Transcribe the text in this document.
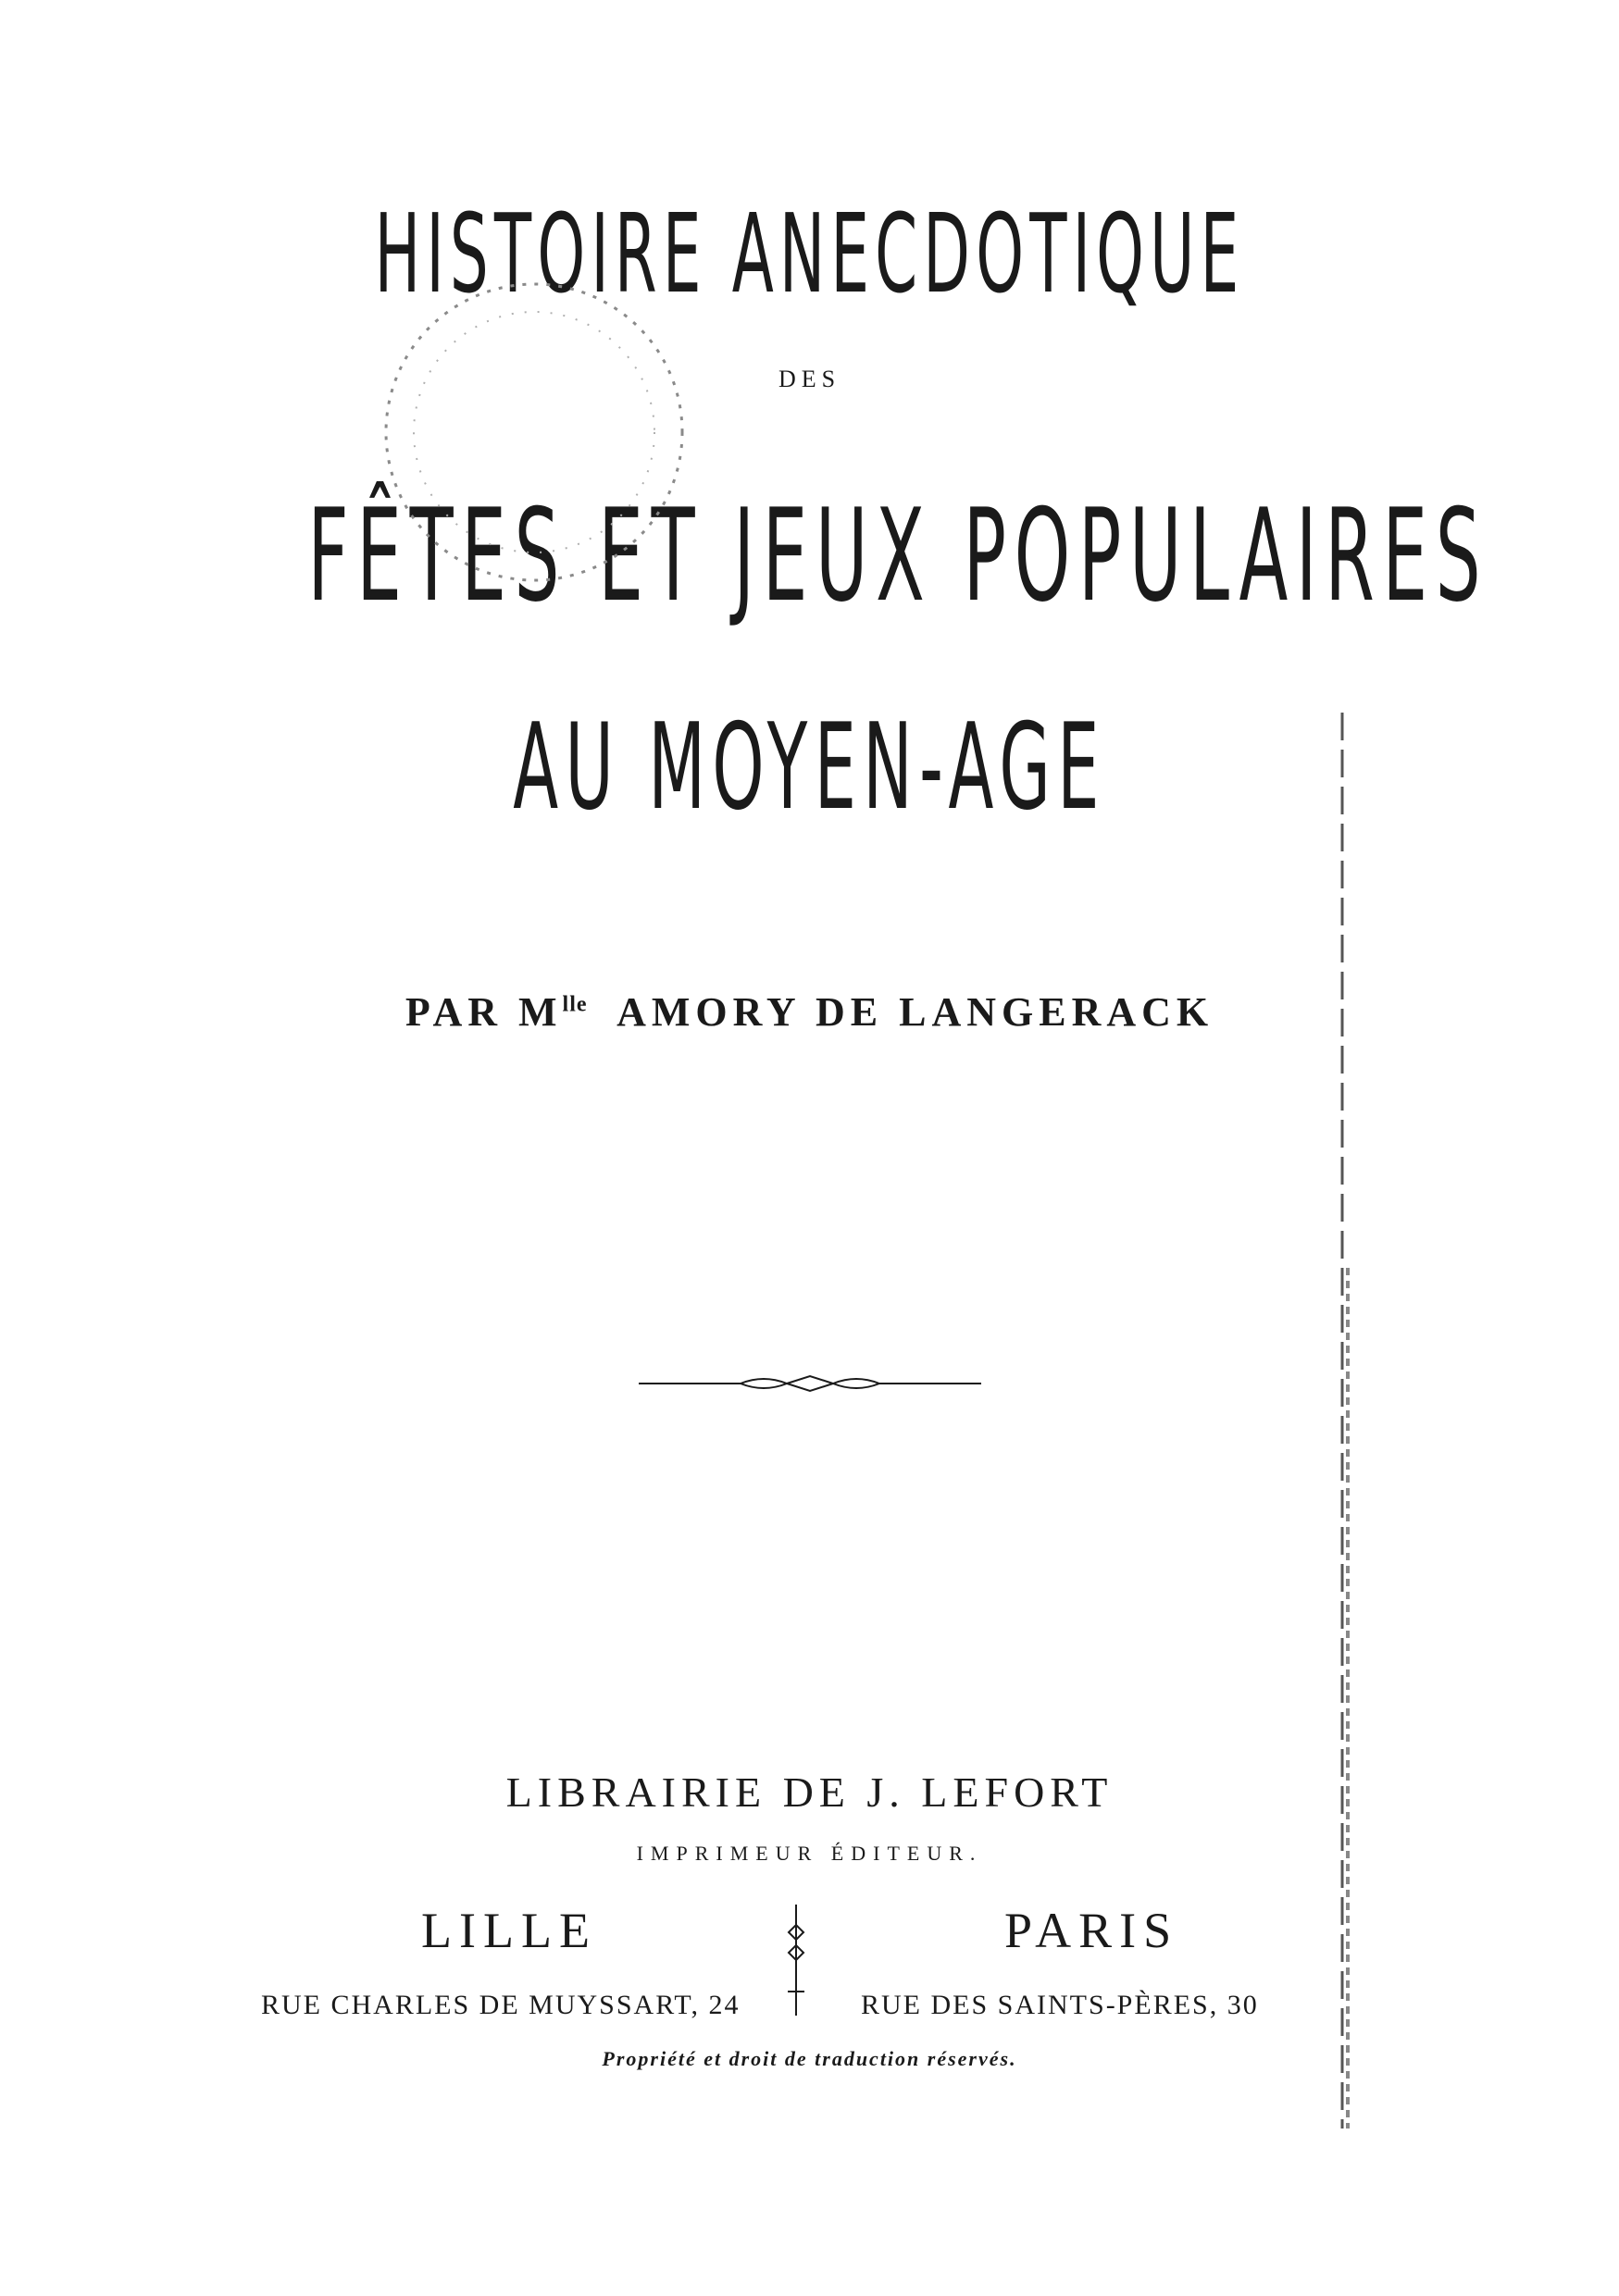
HISTOIRE ANECDOTIQUE
DES
FÊTES ET JEUX POPULAIRES
AU MOYEN-AGE
PAR $M^{lle}$ AMORY DE LANGERACK
LIBRAIRIE DE J. LEFORT
IMPRIMEUR ÉDITEUR.
LILLE	PARIS
RUE CHARLES DE MUYSSART, 24	RUE DES SAINTS-PÈRES, 30
Propriété et droit de traduction réservés.
